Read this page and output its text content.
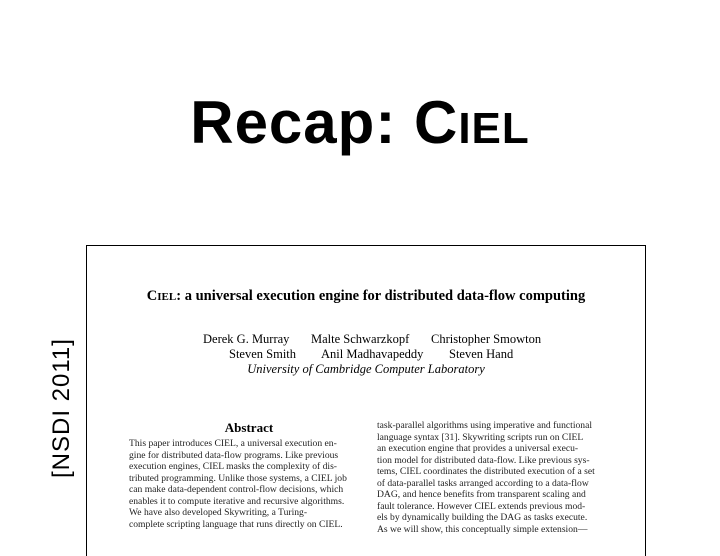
Recap: CIEL
[NSDI 2011]
CIEL: a universal execution engine for distributed data-flow computing
Derek G. Murray Malte Schwarzkopf Christopher Smowton
Steven Smith Anil Madhavapeddy Steven Hand
University of Cambridge Computer Laboratory
Abstract
This paper introduces CIEL, a universal execution en-
gine for distributed data-flow programs. Like previous
execution engines, CIEL masks the complexity of dis-
tributed programming. Unlike those systems, a CIEL job
can make data-dependent control-flow decisions, which
enables it to compute iterative and recursive algorithms.
We have also developed Skywriting, a Turing-
complete scripting language that runs directly on CIEL.
task-parallel algorithms using imperative and functional
language syntax [31]. Skywriting scripts run on CIEL
an execution engine that provides a universal execu-
tion model for distributed data-flow. Like previous sys-
tems, CIEL coordinates the distributed execution of a set
of data-parallel tasks arranged according to a data-flow
DAG, and hence benefits from transparent scaling and
fault tolerance. However CIEL extends previous mod-
els by dynamically building the DAG as tasks execute.
As we will show, this conceptually simple extension—
